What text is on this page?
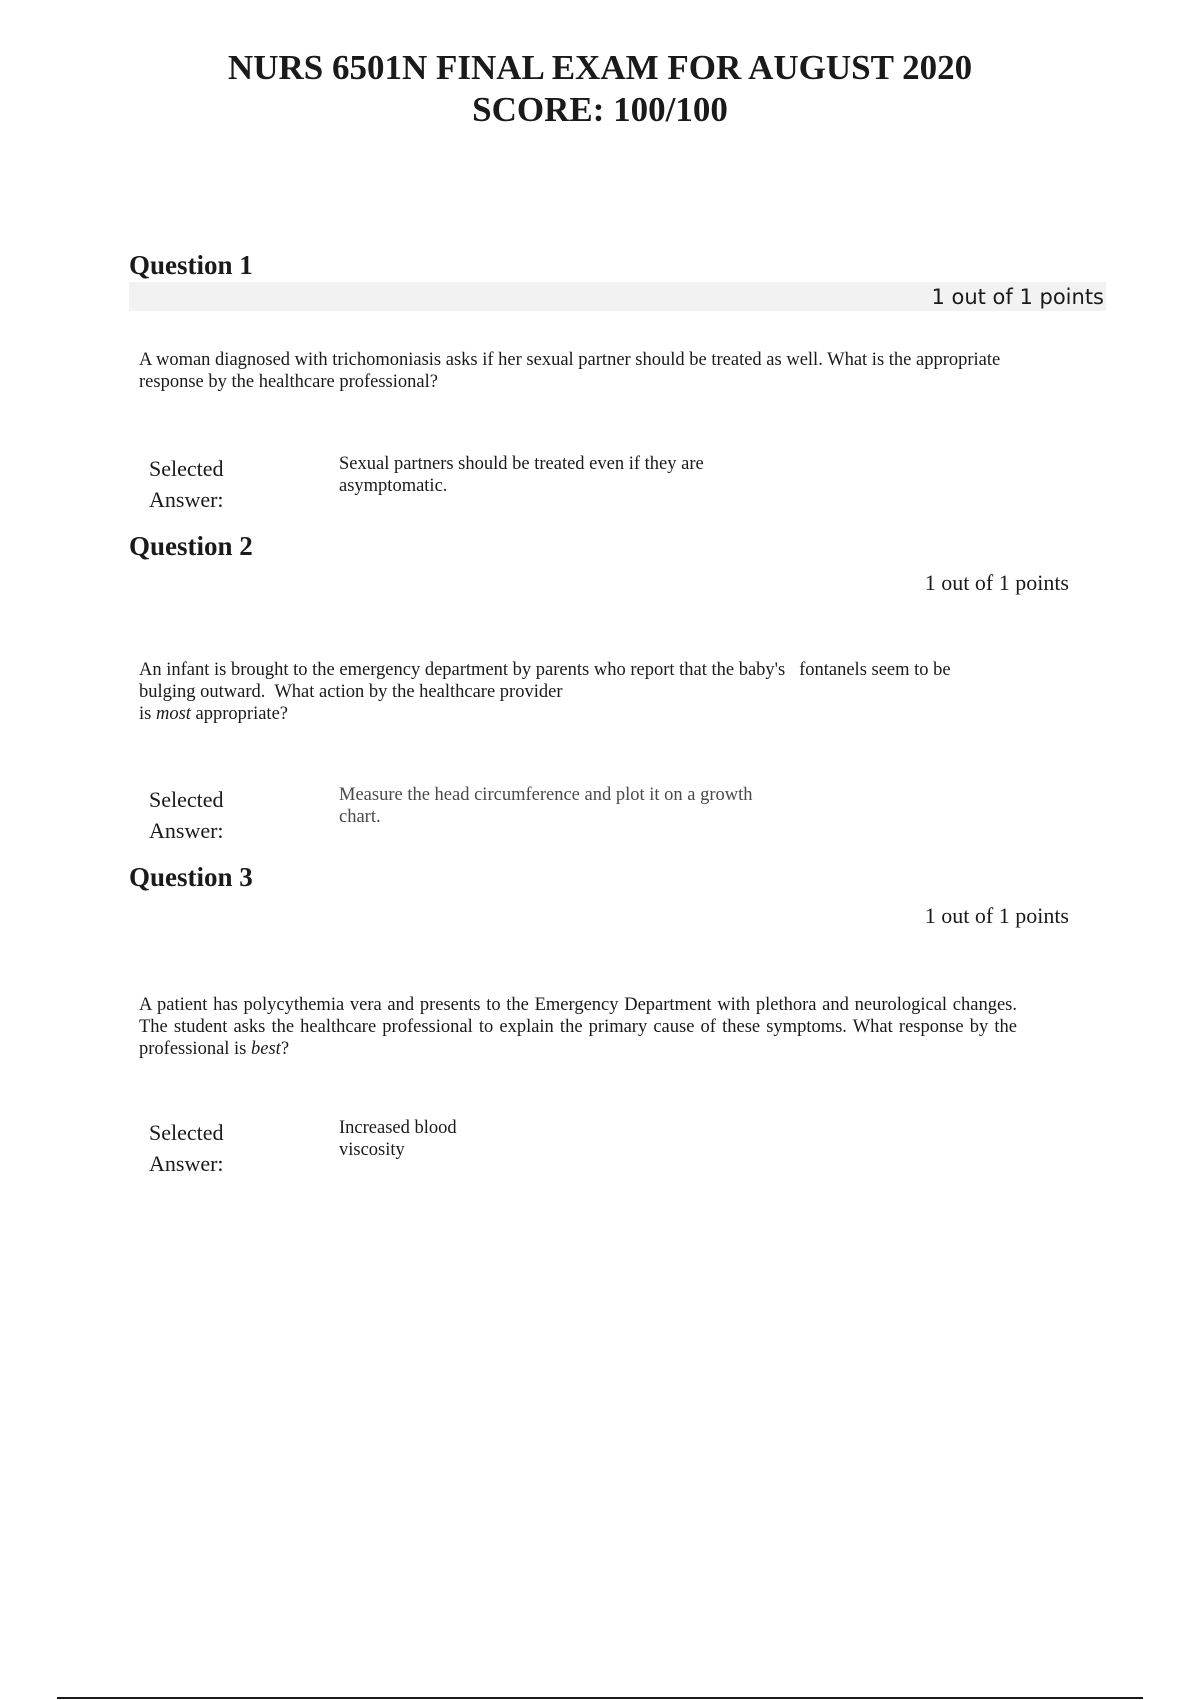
NURS 6501N FINAL EXAM FOR AUGUST 2020
SCORE: 100/100
Question 1
1 out of 1 points

A woman diagnosed with trichomoniasis asks if her sexual partner should be treated as well. What is the appropriate response by the healthcare professional?

Selected
Answer:
Sexual partners should be treated even if they are
asymptomatic.
Question 2
1 out of 1 points
An infant is brought to the emergency department by parents who report that the baby's   fontanels seem to be
bulging outward.  What action by the healthcare provider
is most appropriate?
Selected
Answer:
Measure the head circumference and plot it on a growth
chart.
Question 3
1 out of 1 points

A patient has polycythemia vera and presents to the Emergency Department with plethora and neurological changes. The student asks the healthcare professional to explain the primary cause of these symptoms. What response by the professional is best?

Selected
Answer:
Increased blood
viscosity
